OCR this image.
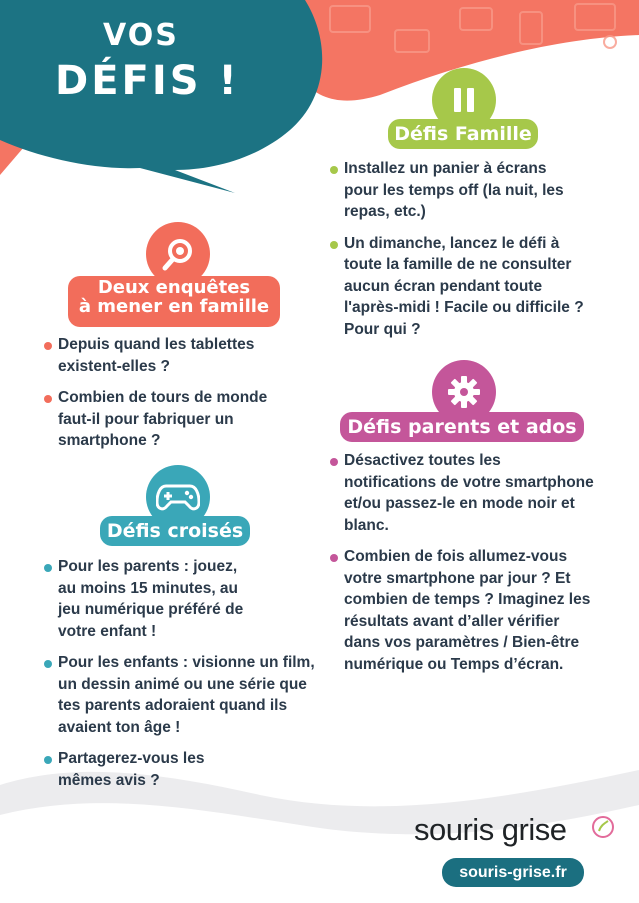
VOS
DÉFIS !
Deux enquêtes
à mener en famille
Depuis quand les tablettes existent-elles ?
Combien de tours de monde faut-il pour fabriquer un smartphone ?
Défis croisés
Pour les parents : jouez, au moins 15 minutes, au jeu numérique préféré de votre enfant !
Pour les enfants : visionne un film, un dessin animé ou une série que tes parents adoraient quand ils avaient ton âge !
Partagerez-vous les mêmes avis ?
Défis Famille
Installez un panier à écrans pour les temps off (la nuit, les repas, etc.)
Un dimanche, lancez le défi à toute la famille de ne consulter aucun écran pendant toute l'après-midi ! Facile ou difficile ? Pour qui ?
Défis parents et ados
Désactivez toutes les notifications de votre smartphone et/ou passez-le en mode noir et blanc.
Combien de fois allumez-vous votre smartphone par jour ? Et combien de temps ? Imaginez les résultats avant d’aller vérifier dans vos paramètres / Bien-être numérique ou Temps d’écran.
souris grise
souris-grise.fr
